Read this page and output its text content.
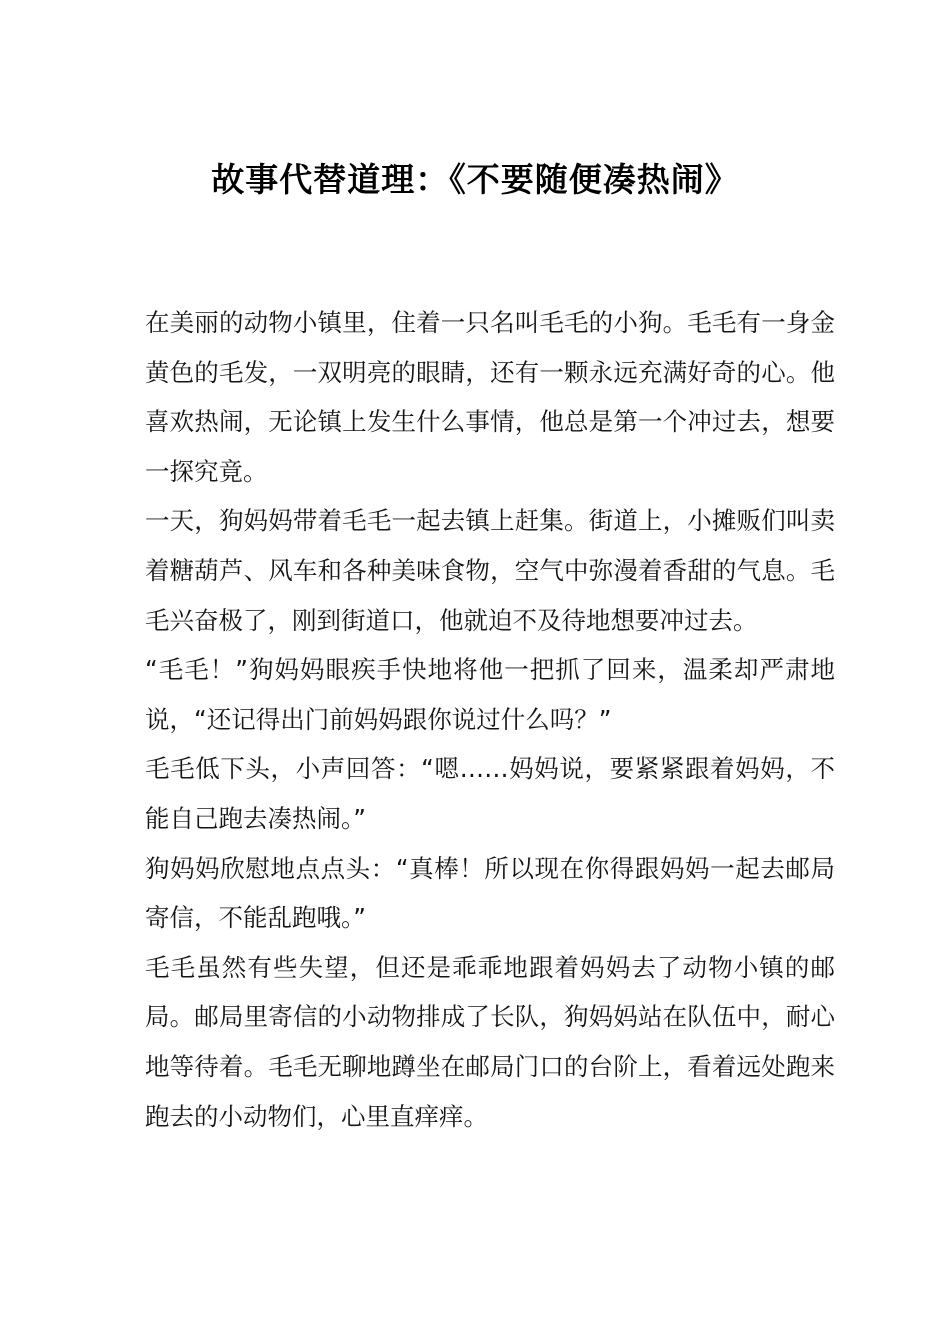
故事代替道理：《不要随便凑热闹》

在美丽的动物小镇里，住着一只名叫毛毛的小狗。毛毛有一身金黄色的毛发，一双明亮的眼睛，还有一颗永远充满好奇的心。他喜欢热闹，无论镇上发生什么事情，他总是第一个冲过去，想要一探究竟。

一天，狗妈妈带着毛毛一起去镇上赶集。街道上，小摊贩们叫卖着糖葫芦、风车和各种美味食物，空气中弥漫着香甜的气息。毛毛兴奋极了，刚到街道口，他就迫不及待地想要冲过去。

“毛毛！”狗妈妈眼疾手快地将他一把抓了回来，温柔却严肃地说，“还记得出门前妈妈跟你说过什么吗？”

毛毛低下头，小声回答：“嗯……妈妈说，要紧紧跟着妈妈，不能自己跑去凑热闹。”

狗妈妈欣慰地点点头：“真棒！所以现在你得跟妈妈一起去邮局寄信，不能乱跑哦。”

毛毛虽然有些失望，但还是乖乖地跟着妈妈去了动物小镇的邮局。邮局里寄信的小动物排成了长队，狗妈妈站在队伍中，耐心地等待着。毛毛无聊地蹲坐在邮局门口的台阶上，看着远处跑来跑去的小动物们，心里直痒痒。
